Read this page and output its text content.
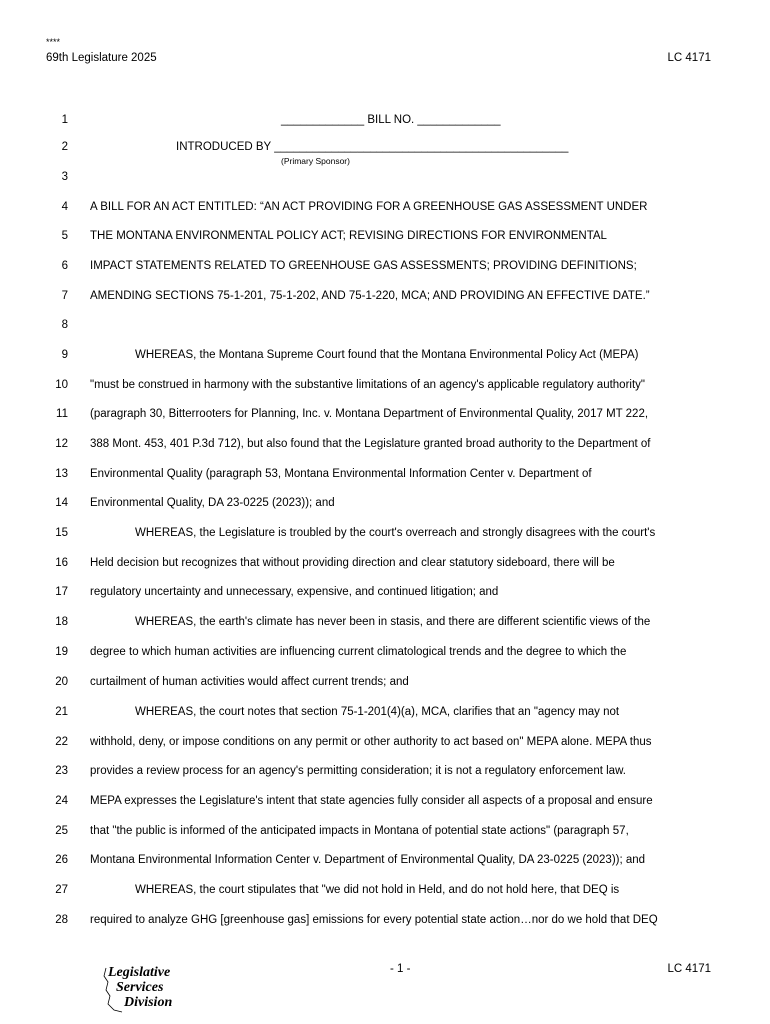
****
69th Legislature 2025	LC 4171
1
2
3
4
5
6
7
8
9
10
11
12
13
14
15
16
17
18
19
20
21
22
23
24
25
26
27
28
_____________ BILL NO. _____________
INTRODUCED BY ______________________________________________
(Primary Sponsor)
A BILL FOR AN ACT ENTITLED: “AN ACT PROVIDING FOR A GREENHOUSE GAS ASSESSMENT UNDER
THE MONTANA ENVIRONMENTAL POLICY ACT; REVISING DIRECTIONS FOR ENVIRONMENTAL
IMPACT STATEMENTS RELATED TO GREENHOUSE GAS ASSESSMENTS; PROVIDING DEFINITIONS;
AMENDING SECTIONS 75-1-201, 75-1-202, AND 75-1-220, MCA; AND PROVIDING AN EFFECTIVE DATE.”
WHEREAS, the Montana Supreme Court found that the Montana Environmental Policy Act (MEPA)
"must be construed in harmony with the substantive limitations of an agency's applicable regulatory authority"
(paragraph 30, Bitterrooters for Planning, Inc. v. Montana Department of Environmental Quality, 2017 MT 222,
388 Mont. 453, 401 P.3d 712), but also found that the Legislature granted broad authority to the Department of
Environmental Quality (paragraph 53, Montana Environmental Information Center v. Department of
Environmental Quality, DA 23-0225 (2023)); and
WHEREAS, the Legislature is troubled by the court's overreach and strongly disagrees with the court's
Held decision but recognizes that without providing direction and clear statutory sideboard, there will be
regulatory uncertainty and unnecessary, expensive, and continued litigation; and
WHEREAS, the earth's climate has never been in stasis, and there are different scientific views of the
degree to which human activities are influencing current climatological trends and the degree to which the
curtailment of human activities would affect current trends; and
WHEREAS, the court notes that section 75-1-201(4)(a), MCA, clarifies that an "agency may not
withhold, deny, or impose conditions on any permit or other authority to act based on" MEPA alone. MEPA thus
provides a review process for an agency's permitting consideration; it is not a regulatory enforcement law.
MEPA expresses the Legislature's intent that state agencies fully consider all aspects of a proposal and ensure
that "the public is informed of the anticipated impacts in Montana of potential state actions" (paragraph 57,
Montana Environmental Information Center v. Department of Environmental Quality, DA 23-0225 (2023)); and
WHEREAS, the court stipulates that "we did not hold in Held, and do not hold here, that DEQ is
required to analyze GHG [greenhouse gas] emissions for every potential state action…nor do we hold that DEQ
Legislative
Services
Division
- 1 -	LC 4171
